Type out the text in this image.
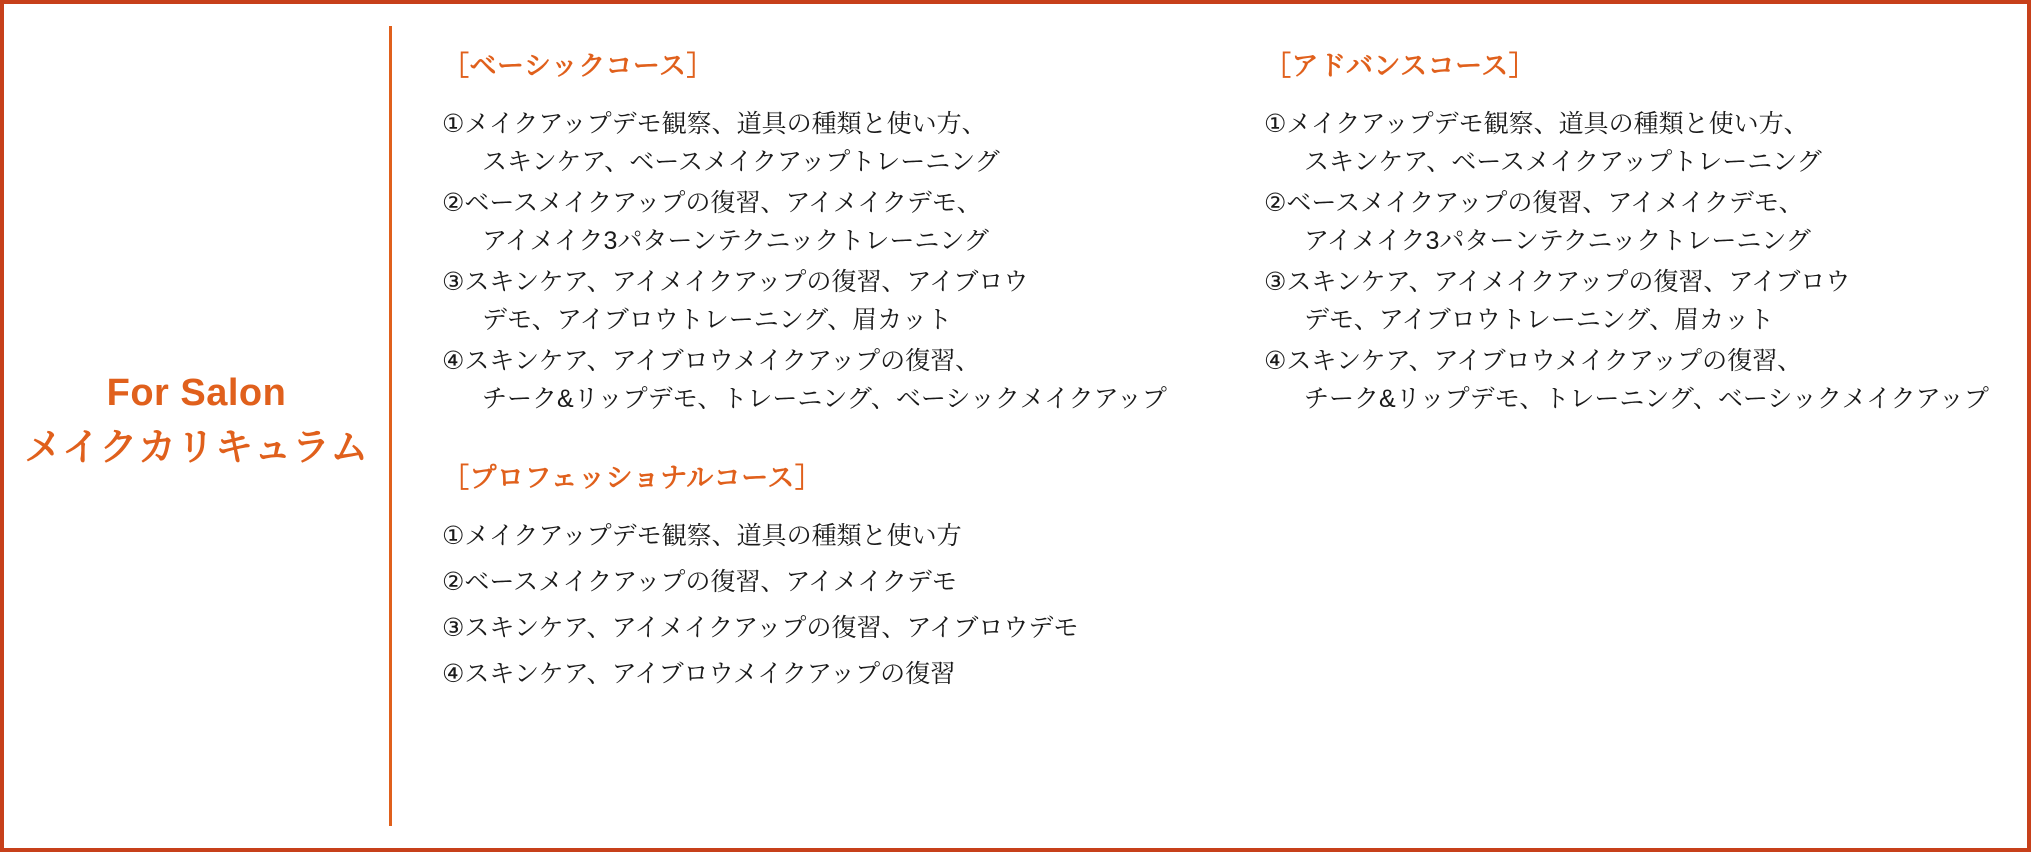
For Salon
メイクカリキュラム
［ベーシックコース］
①メイクアップデモ観察、道具の種類と使い方、
スキンケア、ベースメイクアップトレーニング
②ベースメイクアップの復習、アイメイクデモ、
アイメイク3パターンテクニックトレーニング
③スキンケア、アイメイクアップの復習、アイブロウ
デモ、アイブロウトレーニング、眉カット
④スキンケア、アイブロウメイクアップの復習、
チーク&リップデモ、トレーニング、ベーシックメイクアップ
［プロフェッショナルコース］
①メイクアップデモ観察、道具の種類と使い方
②ベースメイクアップの復習、アイメイクデモ
③スキンケア、アイメイクアップの復習、アイブロウデモ
④スキンケア、アイブロウメイクアップの復習
［アドバンスコース］
①メイクアップデモ観察、道具の種類と使い方、
スキンケア、ベースメイクアップトレーニング
②ベースメイクアップの復習、アイメイクデモ、
アイメイク3パターンテクニックトレーニング
③スキンケア、アイメイクアップの復習、アイブロウ
デモ、アイブロウトレーニング、眉カット
④スキンケア、アイブロウメイクアップの復習、
チーク&リップデモ、トレーニング、ベーシックメイクアップ
